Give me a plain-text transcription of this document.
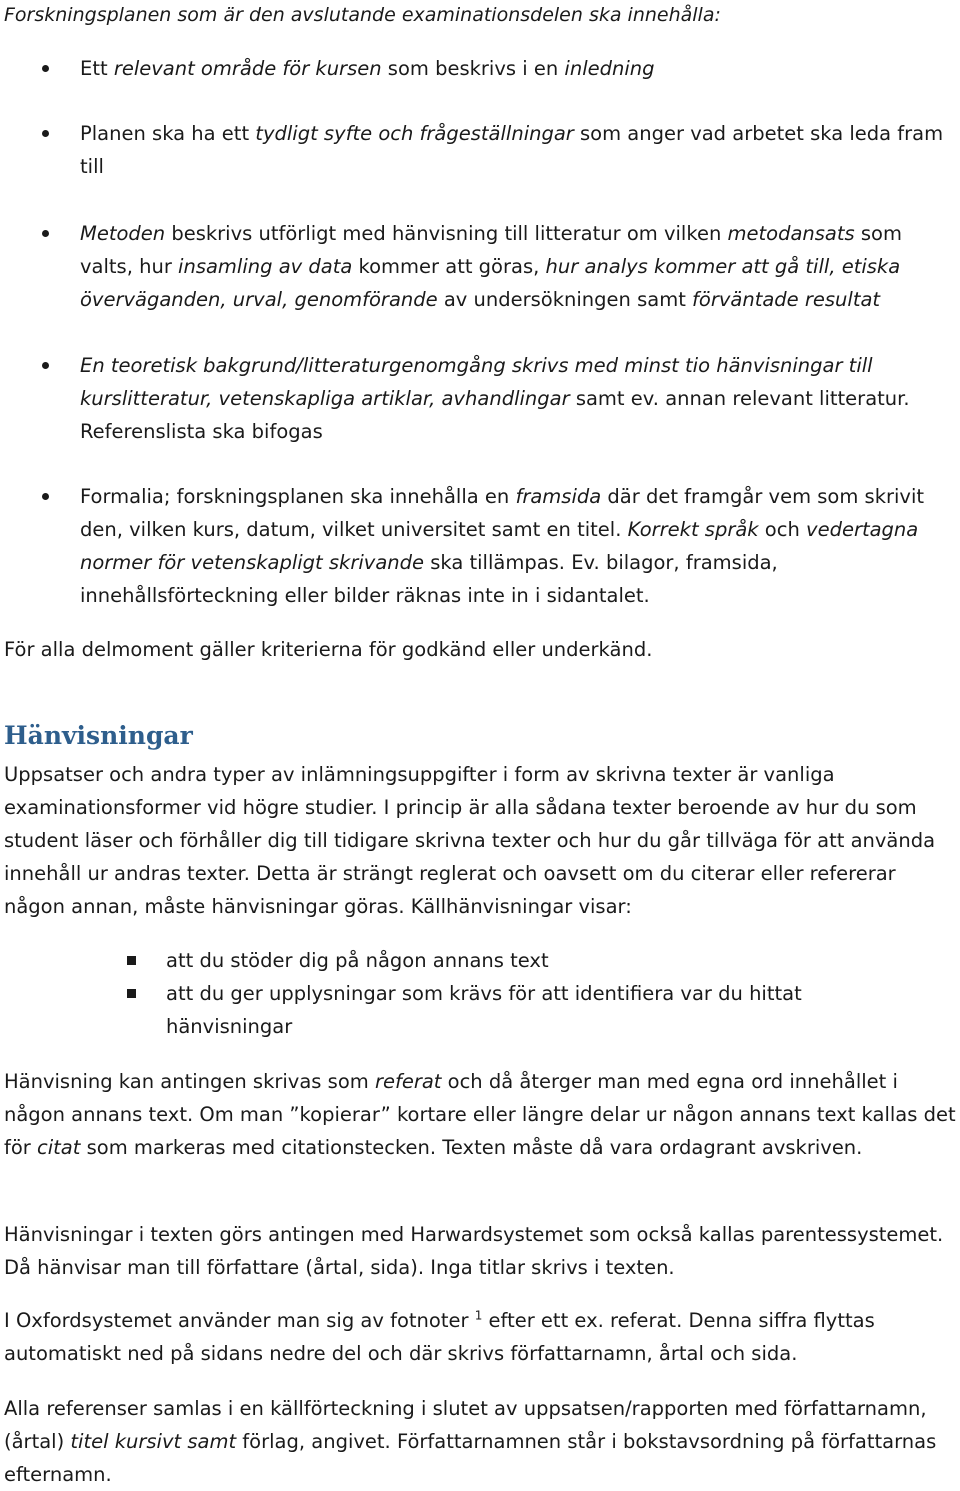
Forskningsplanen som är den avslutande examinationsdelen ska innehålla:
Ett relevant område för kursen som beskrivs i en inledning
Planen ska ha ett tydligt syfte och frågeställningar som anger vad arbetet ska leda fram till
Metoden beskrivs utförligt med hänvisning till litteratur om vilken metodansats som valts, hur insamling av data kommer att göras, hur analys kommer att gå till, etiska överväganden, urval, genomförande av undersökningen samt förväntade resultat
En teoretisk bakgrund/litteraturgenomgång skrivs med minst tio hänvisningar till kurslitteratur, vetenskapliga artiklar, avhandlingar samt ev. annan relevant litteratur. Referenslista ska bifogas
Formalia; forskningsplanen ska innehålla en framsida där det framgår vem som skrivit den, vilken kurs, datum, vilket universitet samt en titel. Korrekt språk och vedertagna normer för vetenskapligt skrivande ska tillämpas. Ev. bilagor, framsida, innehållsförteckning eller bilder räknas inte in i sidantalet.
För alla delmoment gäller kriterierna för godkänd eller underkänd.
Hänvisningar
Uppsatser och andra typer av inlämningsuppgifter i form av skrivna texter är vanliga examinationsformer vid högre studier. I princip är alla sådana texter beroende av hur du som student läser och förhåller dig till tidigare skrivna texter och hur du går tillväga för att använda innehåll ur andras texter. Detta är strängt reglerat och oavsett om du citerar eller refererar någon annan, måste hänvisningar göras. Källhänvisningar visar:
att du stöder dig på någon annans text
att du ger upplysningar som krävs för att identifiera var du hittat hänvisningar
Hänvisning kan antingen skrivas som referat och då återger man med egna ord innehållet i någon annans text. Om man ”kopierar” kortare eller längre delar ur någon annans text kallas det för citat som markeras med citationstecken. Texten måste då vara ordagrant avskriven.
Hänvisningar i texten görs antingen med Harwardsystemet som också kallas parentessystemet. Då hänvisar man till författare (årtal, sida). Inga titlar skrivs i texten.
I Oxfordsystemet använder man sig av fotnoter $^1$ efter ett ex. referat. Denna siffra flyttas automatiskt ned på sidans nedre del och där skrivs författarnamn, årtal och sida.
Alla referenser samlas i en källförteckning i slutet av uppsatsen/rapporten med författarnamn, (årtal) titel kursivt samt förlag, angivet. Författarnamnen står i bokstavsordning på författarnas efternamn.
